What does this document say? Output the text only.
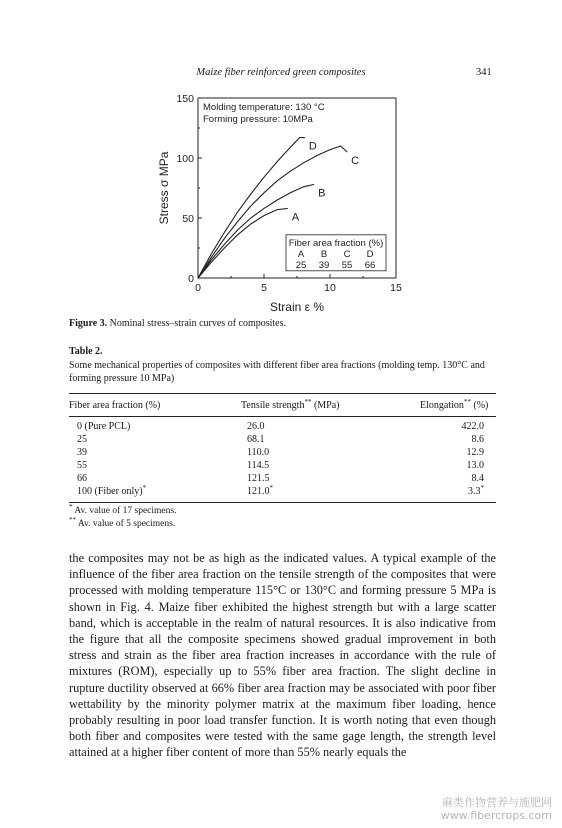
Maize fiber reinforced green composites	341
0	5	10	15
0
50
100
150
Strain ε %
Stress σ MPa
Molding temperature: 130 °C
Forming pressure: 10MPa
A
B
C
D
Fiber area fraction (%)
A
25
B
39
C
55
D
66
Figure 3. Nominal stress–strain curves of composites.
Table 2.
Some mechanical properties of composites with different fiber area fractions (molding temp. 130°C and forming pressure 10 MPa)
Fiber area fraction (%)	Tensile strength** (MPa)	Elongation** (%)
0 (Pure PCL)	26.0	422.0
25	68.1	8.6
39	110.0	12.9
55	114.5	13.0
66	121.5	8.4
100 (Fiber only)*	121.0*	3.3*
* Av. value of 17 specimens.
** Av. value of 5 specimens.
the composites may not be as high as the indicated values. A typical example of the influence of the fiber area fraction on the tensile strength of the composites that were processed with molding temperature 115°C or 130°C and forming pressure 5 MPa is shown in Fig. 4. Maize fiber exhibited the highest strength but with a large scatter band, which is acceptable in the realm of natural resources. It is also indicative from the figure that all the composite specimens showed gradual improvement in both stress and strain as the fiber area fraction increases in accordance with the rule of mixtures (ROM), especially up to 55% fiber area fraction. The slight decline in rupture ductility observed at 66% fiber area fraction may be associated with poor fiber wettability by the minority polymer matrix at the maximum fiber loading, hence probably resulting in poor load transfer function. It is worth noting that even though both fiber and composites were tested with the same gage length, the strength level attained at a higher fiber content of more than 55% nearly equals the
麻类作物营养与施肥网
www.fibercrops.com
